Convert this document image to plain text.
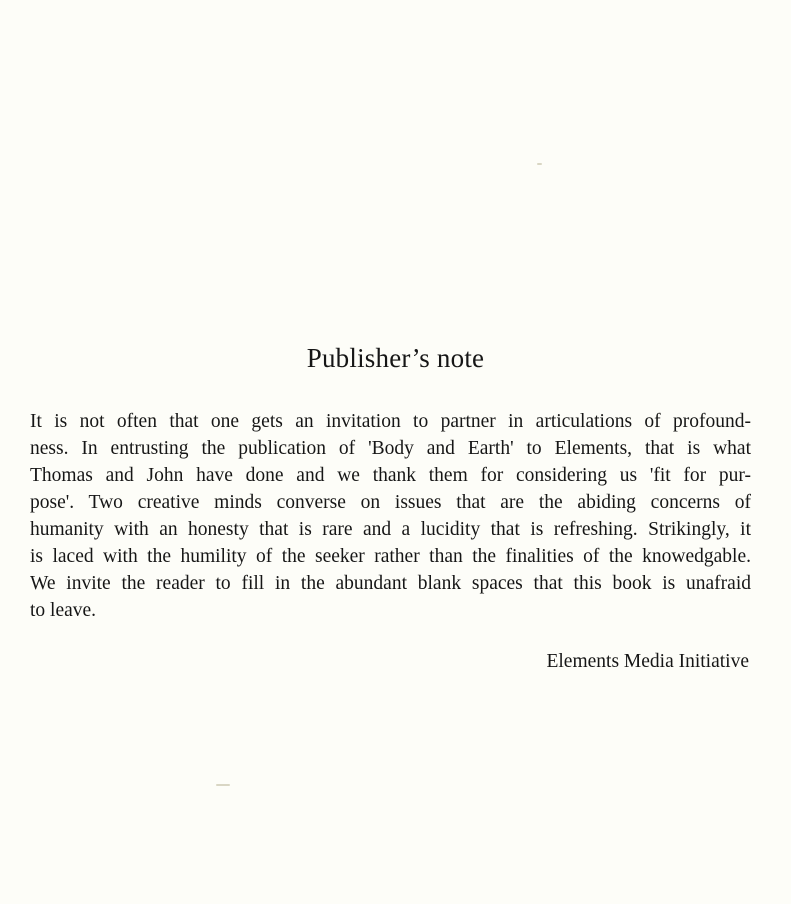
Publisher’s note
It is not often that one gets an invitation to partner in articulations of profound-
ness. In entrusting the publication of 'Body and Earth' to Elements, that is what
Thomas and John have done and we thank them for considering us 'fit for pur-
pose'. Two creative minds converse on issues that are the abiding concerns of
humanity with an honesty that is rare and a lucidity that is refreshing. Strikingly, it
is laced with the humility of the seeker rather than the finalities of the knowedgable.
We invite the reader to fill in the abundant blank spaces that this book is unafraid
to leave.
Elements Media Initiative
